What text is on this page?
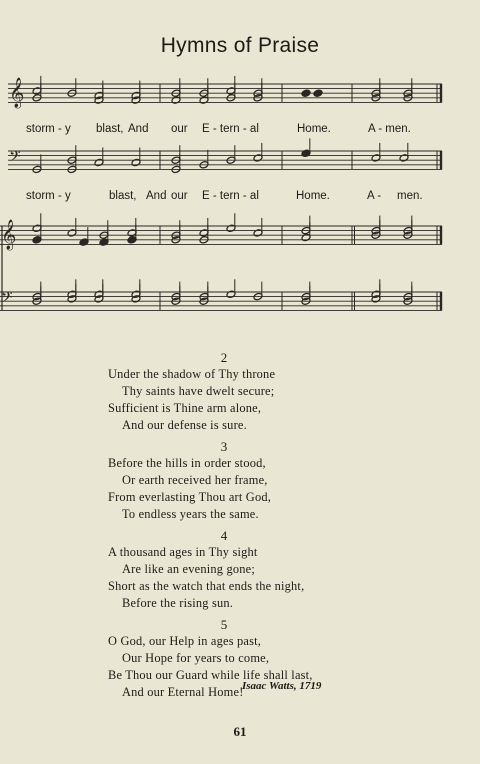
Hymns of Praise
𝄞
𝄢
𝄞
𝄢
storm - y blast, And our E - tern - al	Home.	A - men.
storm - y	blast, And our E - tern - al	Home.	A - men.
2
Under the shadow of Thy throne
Thy saints have dwelt secure;
Sufficient is Thine arm alone,
And our defense is sure.
3
Before the hills in order stood,
Or earth received her frame,
From everlasting Thou art God,
To endless years the same.
4
A thousand ages in Thy sight
Are like an evening gone;
Short as the watch that ends the night,
Before the rising sun.
5
O God, our Help in ages past,
Our Hope for years to come,
Be Thou our Guard while life shall last,
And our Eternal Home!
Isaac Watts, 1719
61
